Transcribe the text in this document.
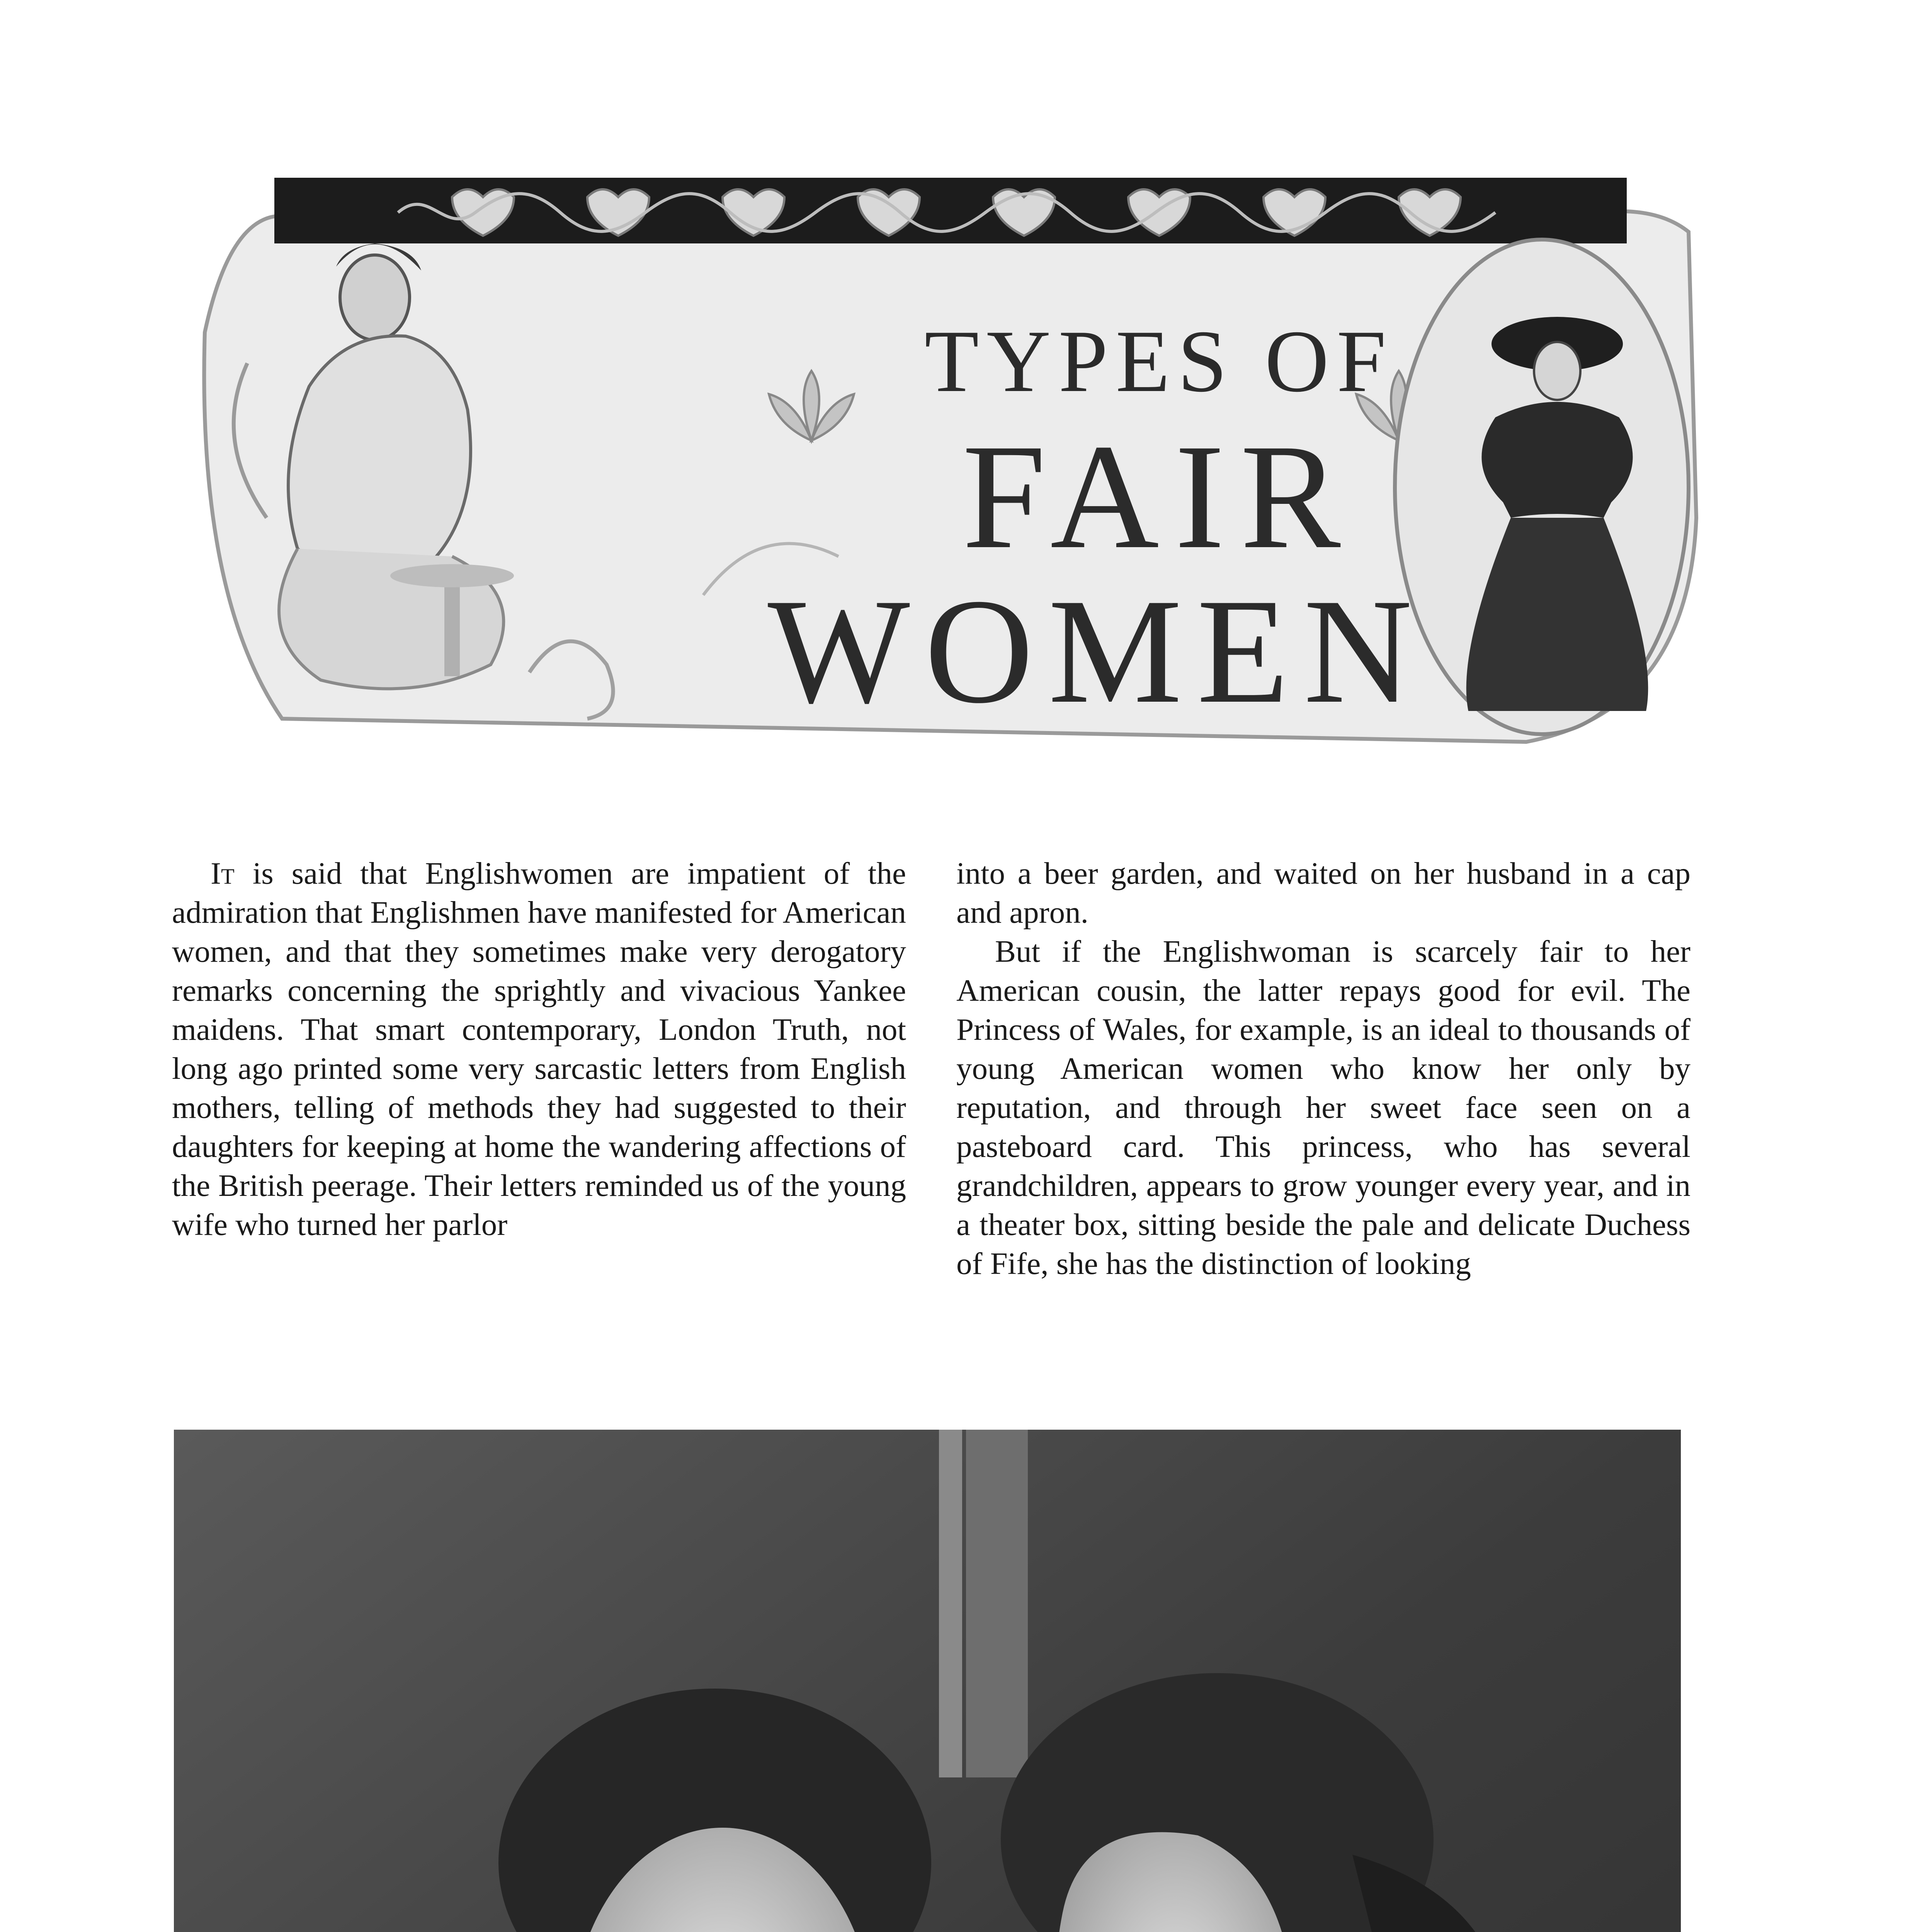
TYPES OF
FAIR
WOMEN

It is said that Englishwomen are impatient of the admiration that Englishmen have manifested for American women, and that they sometimes make very derogatory remarks concerning the sprightly and vivacious Yankee maidens. That smart contemporary, London Truth, not long ago printed some very sarcastic letters from English mothers, telling of methods they had suggested to their daughters for keeping at home the wandering affections of the British peerage. Their letters reminded us of the young wife who turned her parlor

into a beer garden, and waited on her husband in a cap and apron.

But if the Englishwoman is scarcely fair to her American cousin, the latter repays good for evil. The Princess of Wales, for example, is an ideal to thousands of young American women who know her only by reputation, and through her sweet face seen on a pasteboard card. This princess, who has several grandchildren, appears to grow younger every year, and in a theater box, sitting beside the pale and delicate Duchess of Fife, she has the distinction of looking
